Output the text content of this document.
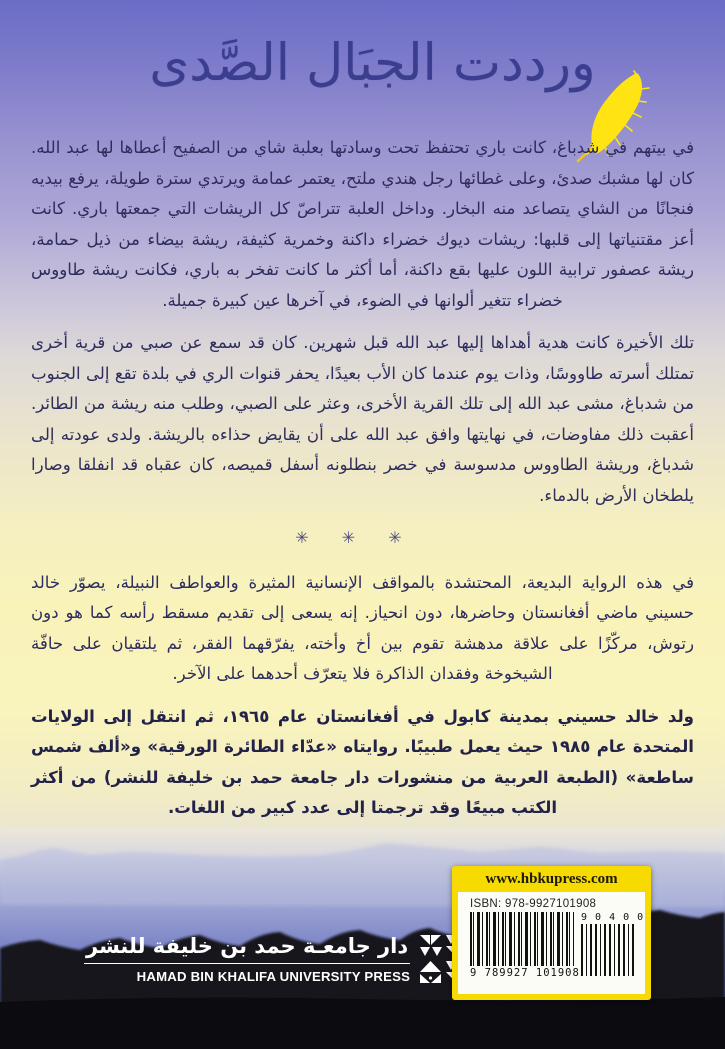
ورددت الجبَال الصَّدى

في بيتهم في شدباغ، كانت باري تحتفظ تحت وسادتها بعلبة شاي من الصفيح أعطاها لها عبد الله. كان لها مشبك صدئ، وعلى غطائها رجل هندي ملتح، يعتمر عمامة ويرتدي سترة طويلة، يرفع بيديه فنجانًا من الشاي يتصاعد منه البخار. وداخل العلبة تتراصّ كل الريشات التي جمعتها باري. كانت أعز مقتنياتها إلى قلبها: ريشات ديوك خضراء داكنة وخمرية كثيفة، ريشة بيضاء من ذيل حمامة، ريشة عصفور ترابية اللون عليها بقع داكنة، أما أكثر ما كانت تفخر به باري، فكانت ريشة طاووس خضراء تتغير ألوانها في الضوء، في آخرها عين كبيرة جميلة.

تلك الأخيرة كانت هدية أهداها إليها عبد الله قبل شهرين. كان قد سمع عن صبي من قرية أخرى تمتلك أسرته طاووسًا، وذات يوم عندما كان الأب بعيدًا، يحفر قنوات الري في بلدة تقع إلى الجنوب من شدباغ، مشى عبد الله إلى تلك القرية الأخرى، وعثر على الصبي، وطلب منه ريشة من الطائر. أعقبت ذلك مفاوضات، في نهايتها وافق عبد الله على أن يقايض حذاءه بالريشة. ولدى عودته إلى شدباغ، وريشة الطاووس مدسوسة في خصر بنطلونه أسفل قميصه، كان عقباه قد انفلقا وصارا يلطخان الأرض بالدماء.

✳ ✳ ✳

في هذه الرواية البديعة، المحتشدة بالمواقف الإنسانية المثيرة والعواطف النبيلة، يصوّر خالد حسيني ماضي أفغانستان وحاضرها، دون انحياز. إنه يسعى إلى تقديم مسقط رأسه كما هو دون رتوش، مركّزًا على علاقة مدهشة تقوم بين أخ وأخته، يفرّقهما الفقر، ثم يلتقيان على حافّة الشيخوخة وفقدان الذاكرة فلا يتعرّف أحدهما على الآخر.

ولد خالد حسيني بمدينة كابول في أفغانستان عام ١٩٦٥، ثم انتقل إلى الولايات المتحدة عام ١٩٨٥ حيث يعمل طبيبًا. روايتاه «عدّاء الطائرة الورقية» و«ألف شمس ساطعة» (الطبعة العربية من منشورات دار جامعة حمد بن خليفة للنشر) من أكثر الكتب مبيعًا وقد ترجمتا إلى عدد كبير من اللغات.

دار جامعـة حمد بن خليفة للنشر
HAMAD BIN KHALIFA UNIVERSITY PRESS
www.hbkupress.com
ISBN: 978-9927101908
9 789927 101908
9 0 4 0 0
